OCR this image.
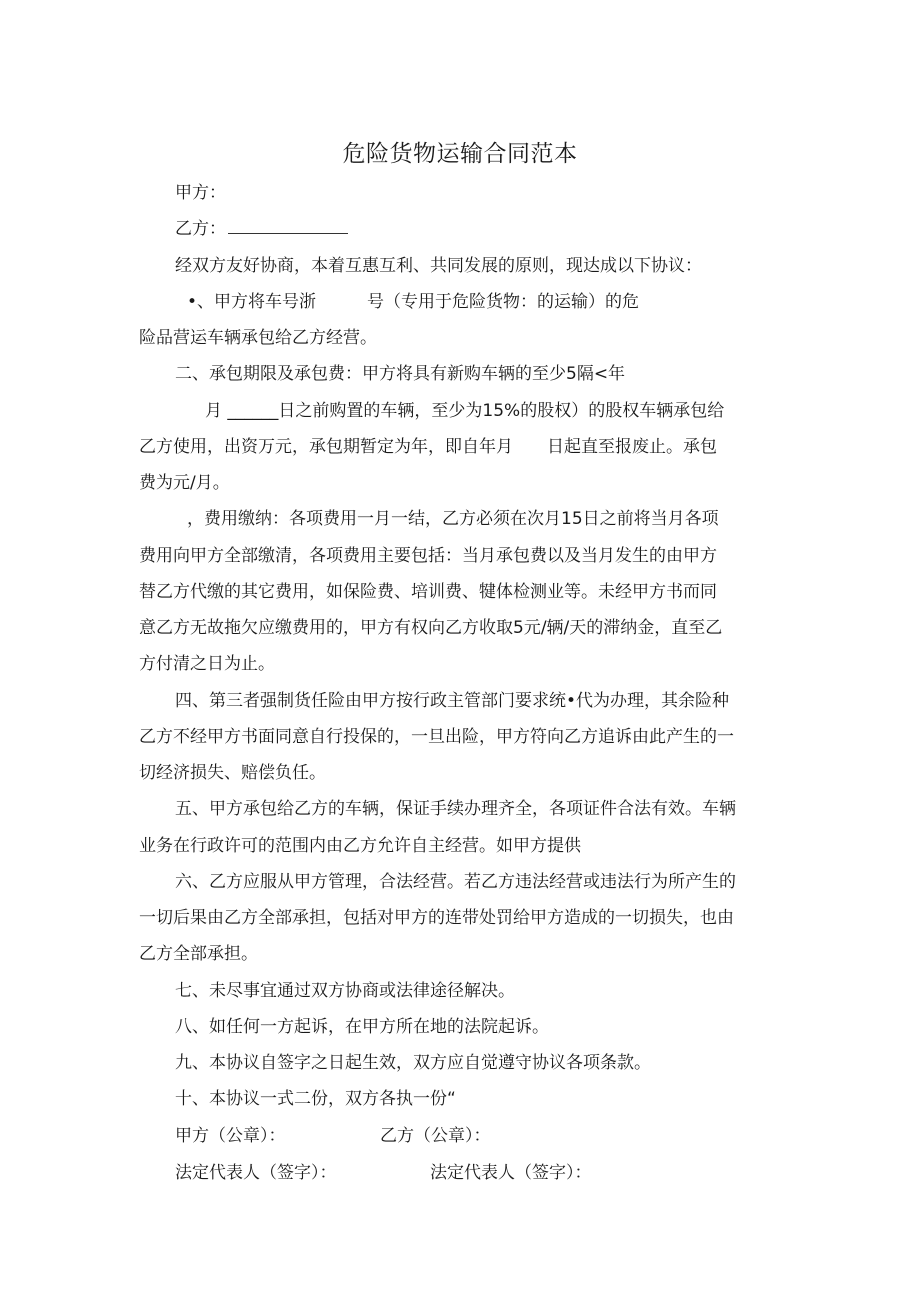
危险货物运输合同范本
甲方：
乙方：
经双方友好协商，本着互惠互利、共同发展的原则，现达成以下协议：
•、甲方将车号浙　　　号（专用于危险货物：的运输）的危
险品营运车辆承包给乙方经营。
二、承包期限及承包费：甲方将具有新购车辆的至少5隔<年
月 ______日之前购置的车辆，至少为15%的股权）的股权车辆承包给
乙方使用，出资万元，承包期暂定为年，即自年月　　日起直至报废止。承包
费为元/月。
，费用缴纳：各项费用一月一结，乙方必须在次月15日之前将当月各项
费用向甲方全部缴清，各项费用主要包括：当月承包费以及当月发生的由甲方
替乙方代缴的其它费用，如保险费、培训费、犍体检测业等。未经甲方书而同
意乙方无故拖欠应缴费用的，甲方有权向乙方收取5元/辆/天的滞纳金，直至乙
方付清之日为止。
四、第三者强制货任险由甲方按行政主管部门要求统•代为办理，其余险种
乙方不经甲方书面同意自行投保的，一旦出险，甲方符向乙方追诉由此产生的一
切经济损失、赔偿负任。
五、甲方承包给乙方的车辆，保证手续办理齐全，各项证件合法有效。车辆
业务在行政许可的范围内由乙方允许自主经营。如甲方提供
六、乙方应服从甲方管理，合法经营。若乙方违法经营或违法行为所产生的
一切后果由乙方全部承担，包括对甲方的连带处罚给甲方造成的一切损失，也由
乙方全部承担。
七、未尽事宜通过双方协商或法律途径解决。
八、如任何一方起诉，在甲方所在地的法院起诉。
九、本协议自签字之日起生效，双方应自觉遵守协议各项条款。
十、本协议一式二份，双方各执一份“
甲方（公章）：	乙方（公章）：
法定代表人（签字）：	法定代表人（签字）：
